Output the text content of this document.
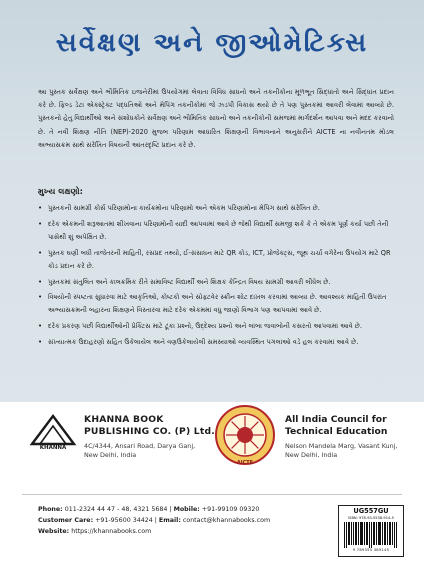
સર્વેક્ષણ અને જીઓમેટિક્સ
આ પુસ્તક સર્વેક્ષણ અને ભૌમિતિક ઇજનેરીમાં ઉપયોગમાં લેવાતા વિવિધ સાધનો અને તકનીકોના મૂળભૂત સિદ્ધાંતો અને સિદ્ધાંત પ્રદાન કરે છે. ફિલ્ડ ડેટા એક્સ્ટ્રેક્ટ પદ્ધતિઓ અને મેપિંગ તકનીકોમાં જે ઝડપી વિકાસ થયો છે તે પણ પુસ્તકમાં આવરી લેવામાં આવ્યો છે. પુસ્તકનો હેતુ વિદ્યાર્થીઓ અને સંશોધકોને સર્વેક્ષણ અને ભૌમિતિક સાધનો અને તકનીકોની સમજમાં માર્ગદર્શન આપવા અને મદદ કરવાનો છે. તે નવી શિક્ષણ નીતિ (NEP)-2020 મુજબ પરિણામ આધારિત શિક્ષણની વિભાવનાને અનુસરીને AICTE ના નવીનતમ મોડલ અભ્યાસક્રમ સાથે સંરેખિત વિષયની આંતરદૃષ્ટિ પ્રદાન કરે છે.
મુખ્ય લક્ષણો:
• પુસ્તકની સામગ્રી કોર્સ પરિણામોના કાર્યક્રમોના પરિણામો અને એકમ પરિણામોના મેપિંગ સાથે સંરેખિત છે.
• દરેક એકમની શરૂઆતમાં શીખવાના પરિણામોની યાદી આપવામાં આવે છે જેથી વિદ્યાર્થી સમજી શકે કે તે એકમ પૂર્ણ કર્યા પછી તેની પાસેથી શું અપેક્ષિત છે.
• પુસ્તક ઘણી બધી તાજેતરની માહિતી, રસપ્રદ તથ્યો, ઈ-સંસાધન માટે QR કોડ, ICT, પ્રોજેક્ટ્સ, જૂથ ચર્ચા વગેરેના ઉપયોગ માટે QR કોડ પ્રદાન કરે છે.
• પુસ્તકમાં સંતુલિત અને કાલક્રમિક રીતે સમાવિષ્ટ વિદ્યાર્થી અને શિક્ષક કેન્દ્રિત વિષય સામગ્રી આવરી લીધેલ છે.
• વિષયોની સ્પષ્ટતા સુધારવા માટે આકૃતિઓ, કોષ્ટકો અને સોફ્ટવેર સ્ક્રીન શોટ દાખલ કરવામાં આવ્યા છે. આવશ્યક માહિતી ઉપરાંત અભ્યાસક્રમની બહારના શિક્ષણને વિસ્તારવા માટે દરેક એકમમાં વધુ જાણો વિભાગ પણ આપવામાં આવે છે.
• દરેક પ્રકરણ પછી વિદ્યાર્થીઓની પ્રેક્ટિસ માટે ટૂંકા પ્રશ્નો, ઉદ્દેશ્ય પ્રશ્નો અને લાંબા જવાબોની કસરતો આપવામાં આવે છે.
• સંખ્યાત્મક ઉદાહરણો સહિત ઉકેલાયેલ અને વણઉકેલાયેલી સમસ્યાઓ વ્યવસ્થિત પગલાંઓ વડે હલ કરવામાં આવે છે.
KHANNA
KHANNA BOOK
PUBLISHING CO. (P) Ltd.
4C/4344, Ansari Road, Darya Ganj,
New Delhi, India
AICTE
All India Council for
Technical Education
Nelson Mandela Marg, Vasant Kunj,
New Delhi, India
Phone: 011-2324 44 47 - 48, 4321 5684 | Mobile: +91-99109 09320
Customer Care: +91-95600 34424 | Email: contact@khannabooks.com
Website: https://khannabooks.com
UG557GU
ISBN: 978-93-5538-914-5
9 789355 389145
